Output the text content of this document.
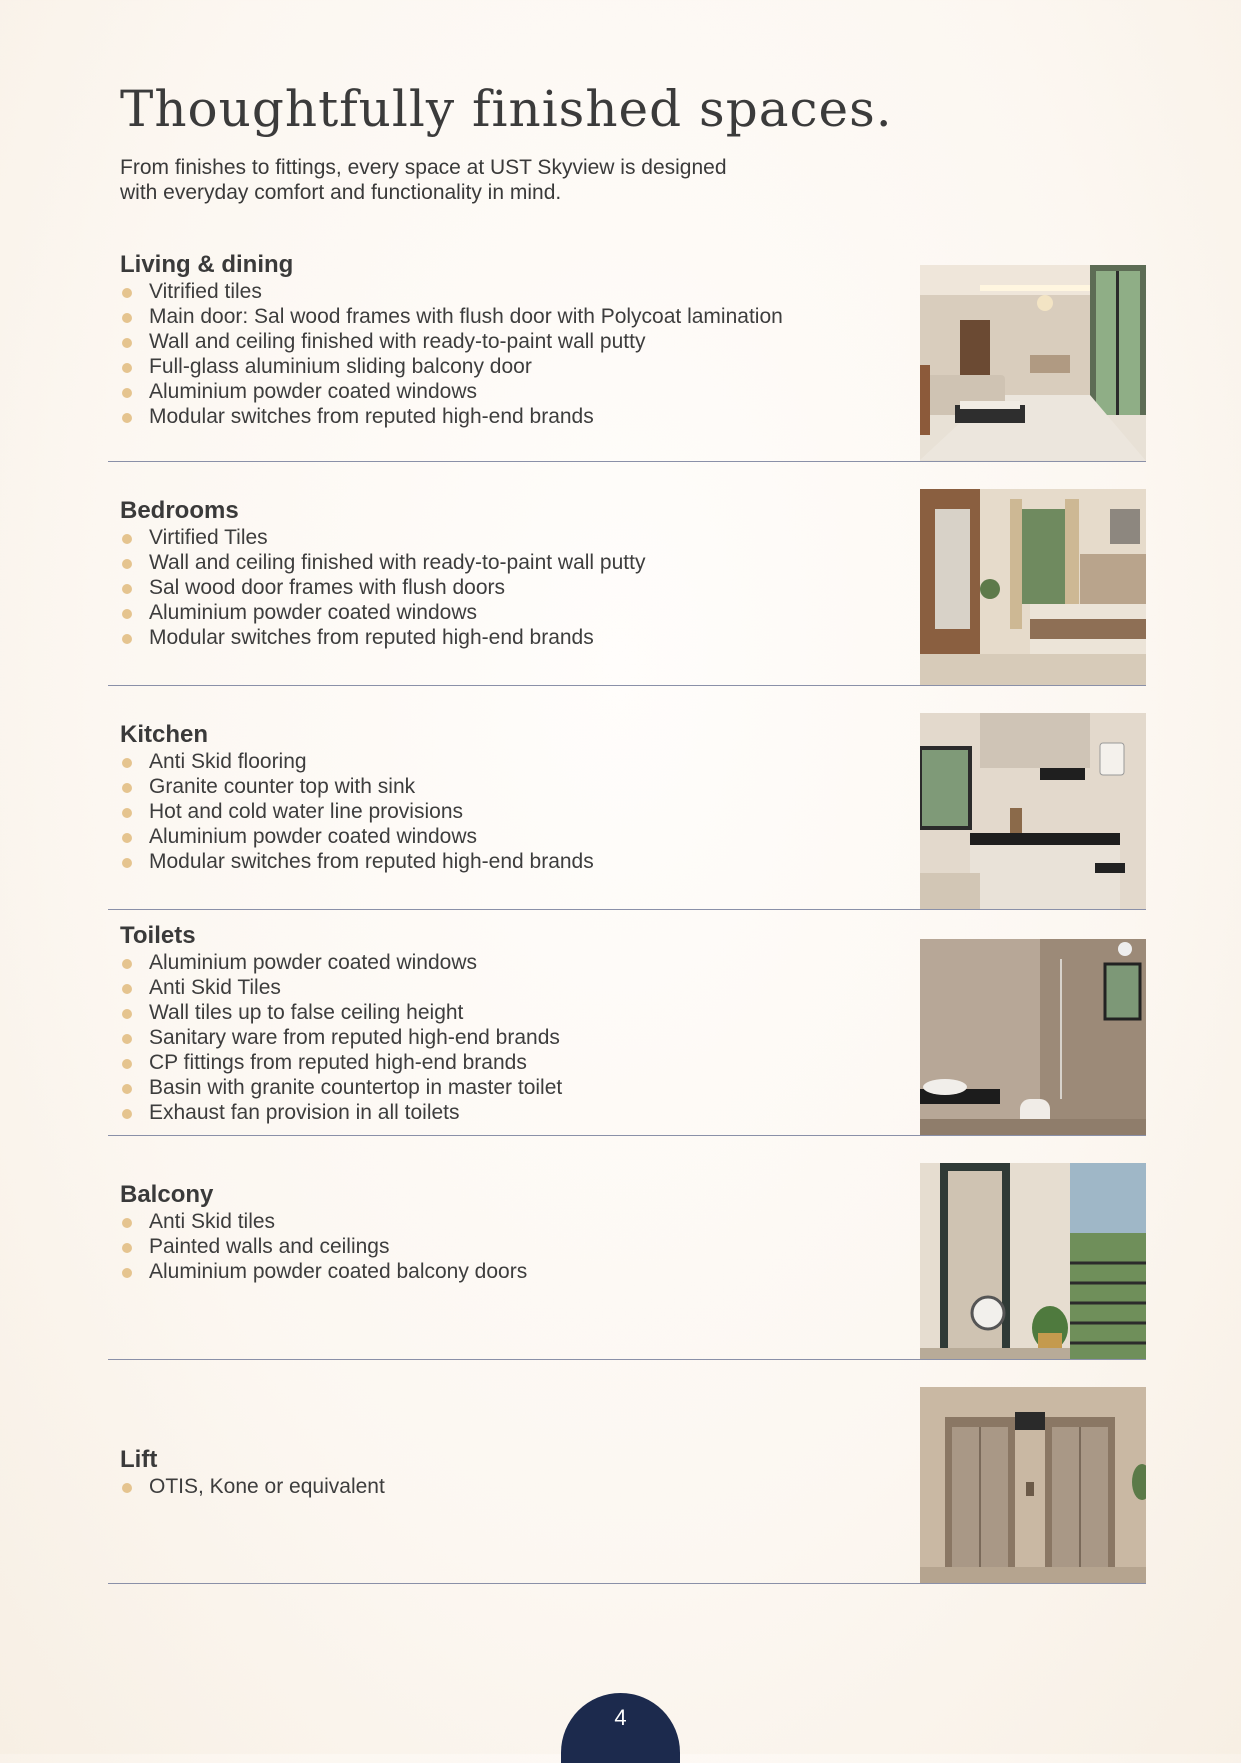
Thoughtfully finished spaces.
From finishes to fittings, every space at UST Skyview is designed
with everyday comfort and functionality in mind.
Living & dining
Vitrified tiles
Main door: Sal wood frames with flush door with Polycoat lamination
Wall and ceiling finished with ready-to-paint wall putty
Full-glass aluminium sliding balcony door
Aluminium powder coated windows
Modular switches from reputed high-end brands
Bedrooms
Virtified Tiles
Wall and ceiling finished with ready-to-paint wall putty
Sal wood door frames with flush doors
Aluminium powder coated windows
Modular switches from reputed high-end brands
Kitchen
Anti Skid flooring
Granite counter top with sink
Hot and cold water line provisions
Aluminium powder coated windows
Modular switches from reputed high-end brands
Toilets
Aluminium powder coated windows
Anti Skid Tiles
Wall tiles up to false ceiling height
Sanitary ware from reputed high-end brands
CP fittings from reputed high-end brands
Basin with granite countertop in master toilet
Exhaust fan provision in all toilets
Balcony
Anti Skid tiles
Painted walls and ceilings
Aluminium powder coated balcony doors
Lift
OTIS, Kone or equivalent
4
